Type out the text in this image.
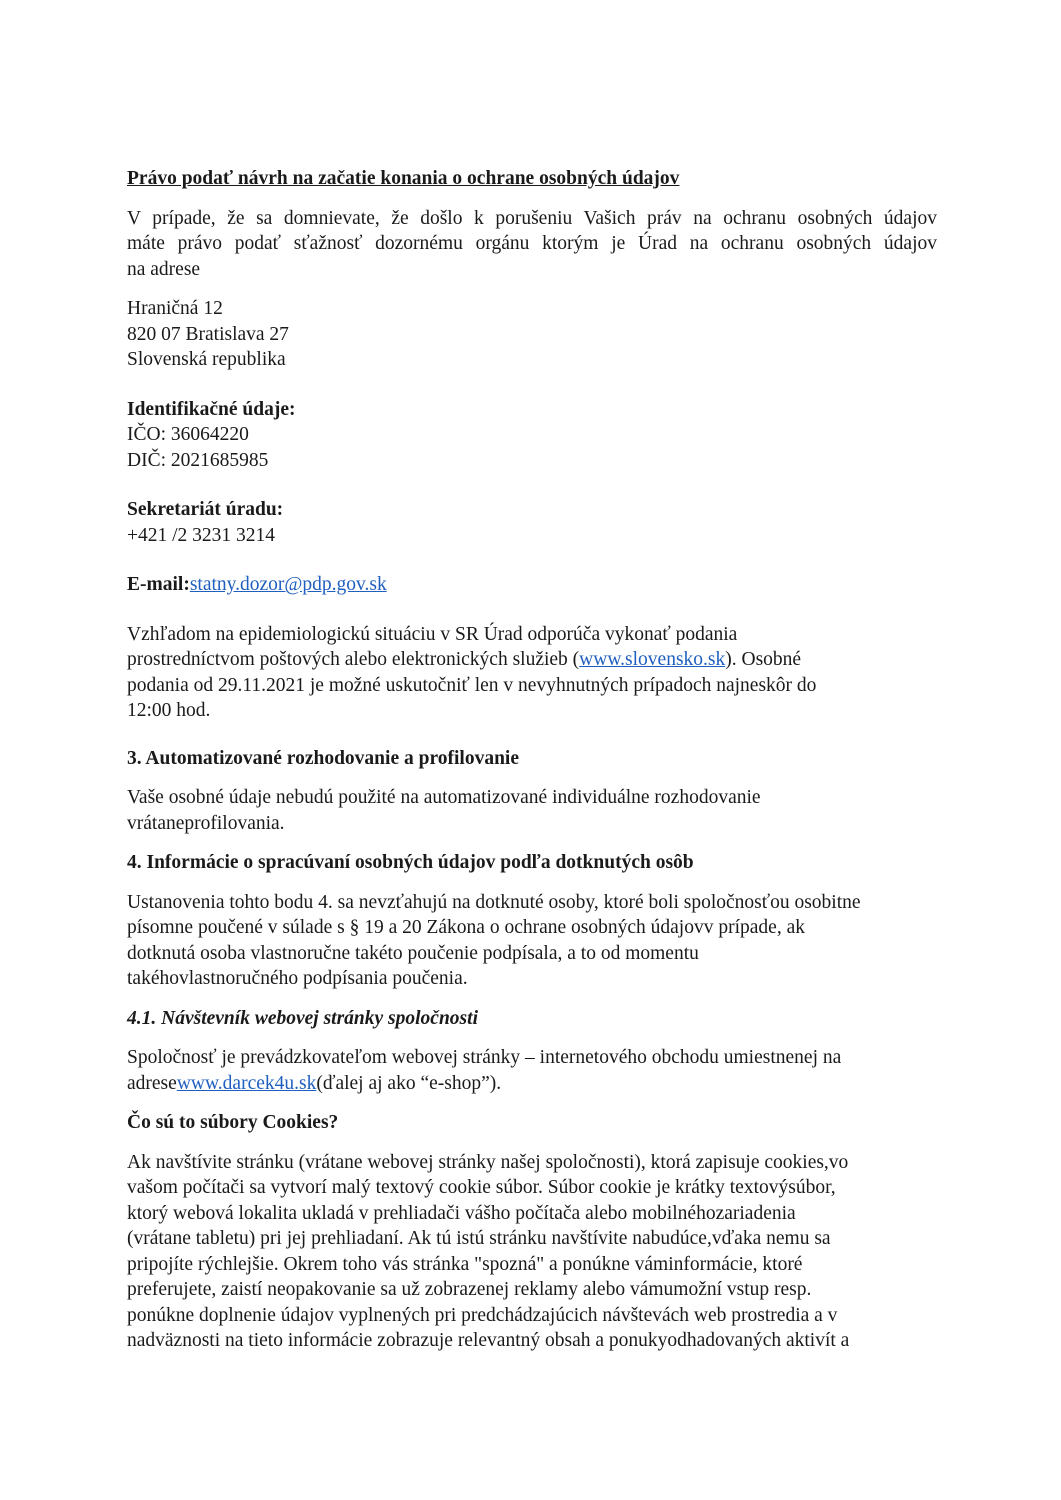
Právo podať návrh na začatie konania o ochrane osobných údajov

V prípade, že sa domnievate, že došlo k porušeniu Vašich práv na ochranu osobných údajov
máte právo podať sťažnosť dozornému orgánu ktorým je Úrad na ochranu osobných údajov
na adrese
Hraničná 12
820 07 Bratislava 27
Slovenská republika
Identifikačné údaje:
IČO: 36064220
DIČ: 2021685985
Sekretariát úradu:
+421 /2 3231 3214
E-mail:statny.dozor@pdp.gov.sk
Vzhľadom na epidemiologickú situáciu v SR Úrad odporúča vykonať podania
prostredníctvom poštových alebo elektronických služieb (www.slovensko.sk). Osobné
podania od 29.11.2021 je možné uskutočniť len v nevyhnutných prípadoch najneskôr do
12:00 hod.

3. Automatizované rozhodovanie a profilovanie

Vaše osobné údaje nebudú použité na automatizované individuálne rozhodovanie
vrátaneprofilovania.

4. Informácie o spracúvaní osobných údajov podľa dotknutých osôb

Ustanovenia tohto bodu 4. sa nevzťahujú na dotknuté osoby, ktoré boli spoločnosťou osobitne
písomne poučené v súlade s § 19 a 20 Zákona o ochrane osobných údajovv prípade, ak
dotknutá osoba vlastnoručne takéto poučenie podpísala, a to od momentu
takéhovlastnoručného podpísania poučenia.

4.1. Návštevník webovej stránky spoločnosti

Spoločnosť je prevádzkovateľom webovej stránky – internetového obchodu umiestnenej na
adresewww.darcek4u.sk(ďalej aj ako “e-shop”).

Čo sú to súbory Cookies?

Ak navštívite stránku (vrátane webovej stránky našej spoločnosti), ktorá zapisuje cookies,vo
vašom počítači sa vytvorí malý textový cookie súbor. Súbor cookie je krátky textovýsúbor,
ktorý webová lokalita ukladá v prehliadači vášho počítača alebo mobilnéhozariadenia
(vrátane tabletu) pri jej prehliadaní. Ak tú istú stránku navštívite nabudúce,vďaka nemu sa
pripojíte rýchlejšie. Okrem toho vás stránka "spozná" a ponúkne váminformácie, ktoré
preferujete, zaistí neopakovanie sa už zobrazenej reklamy alebo vámumožní vstup resp.
ponúkne doplnenie údajov vyplnených pri predchádzajúcich návštevách web prostredia a v
nadväznosti na tieto informácie zobrazuje relevantný obsah a ponukyodhadovaných aktivít a
